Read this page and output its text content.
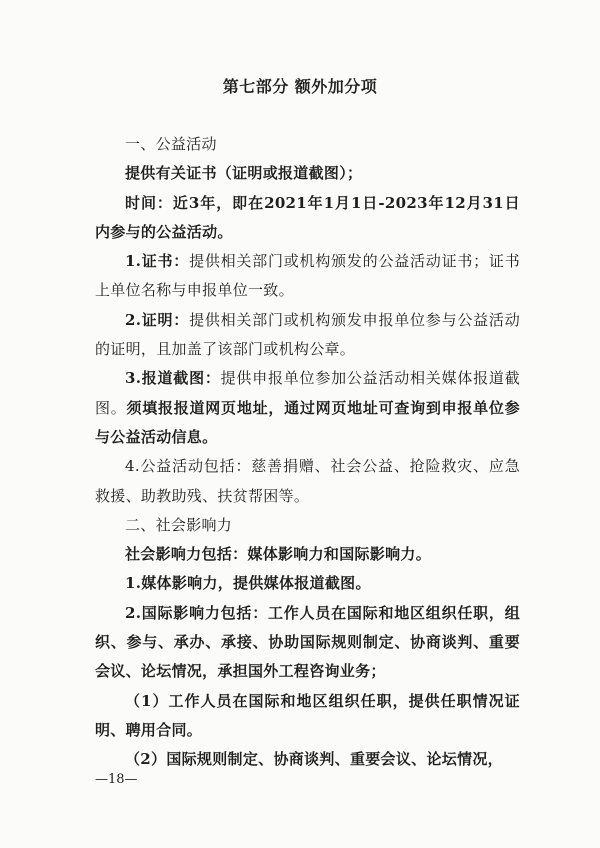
第七部分 额外加分项

一、公益活动

提供有关证书（证明或报道截图）；

时间：近3年，即在2021年1月1日-2023年12月31日内参与的公益活动。

1.证书：提供相关部门或机构颁发的公益活动证书；证书上单位名称与申报单位一致。

2.证明：提供相关部门或机构颁发申报单位参与公益活动的证明，且加盖了该部门或机构公章。

3.报道截图：提供申报单位参加公益活动相关媒体报道截图。须填报报道网页地址，通过网页地址可查询到申报单位参与公益活动信息。

4.公益活动包括：慈善捐赠、社会公益、抢险救灾、应急救援、助教助残、扶贫帮困等。

二、社会影响力

社会影响力包括：媒体影响力和国际影响力。

1.媒体影响力，提供媒体报道截图。

2.国际影响力包括：工作人员在国际和地区组织任职，组织、参与、承办、承接、协助国际规则制定、协商谈判、重要会议、论坛情况，承担国外工程咨询业务；

（1）工作人员在国际和地区组织任职，提供任职情况证明、聘用合同。

（2）国际规则制定、协商谈判、重要会议、论坛情况，

—18—
